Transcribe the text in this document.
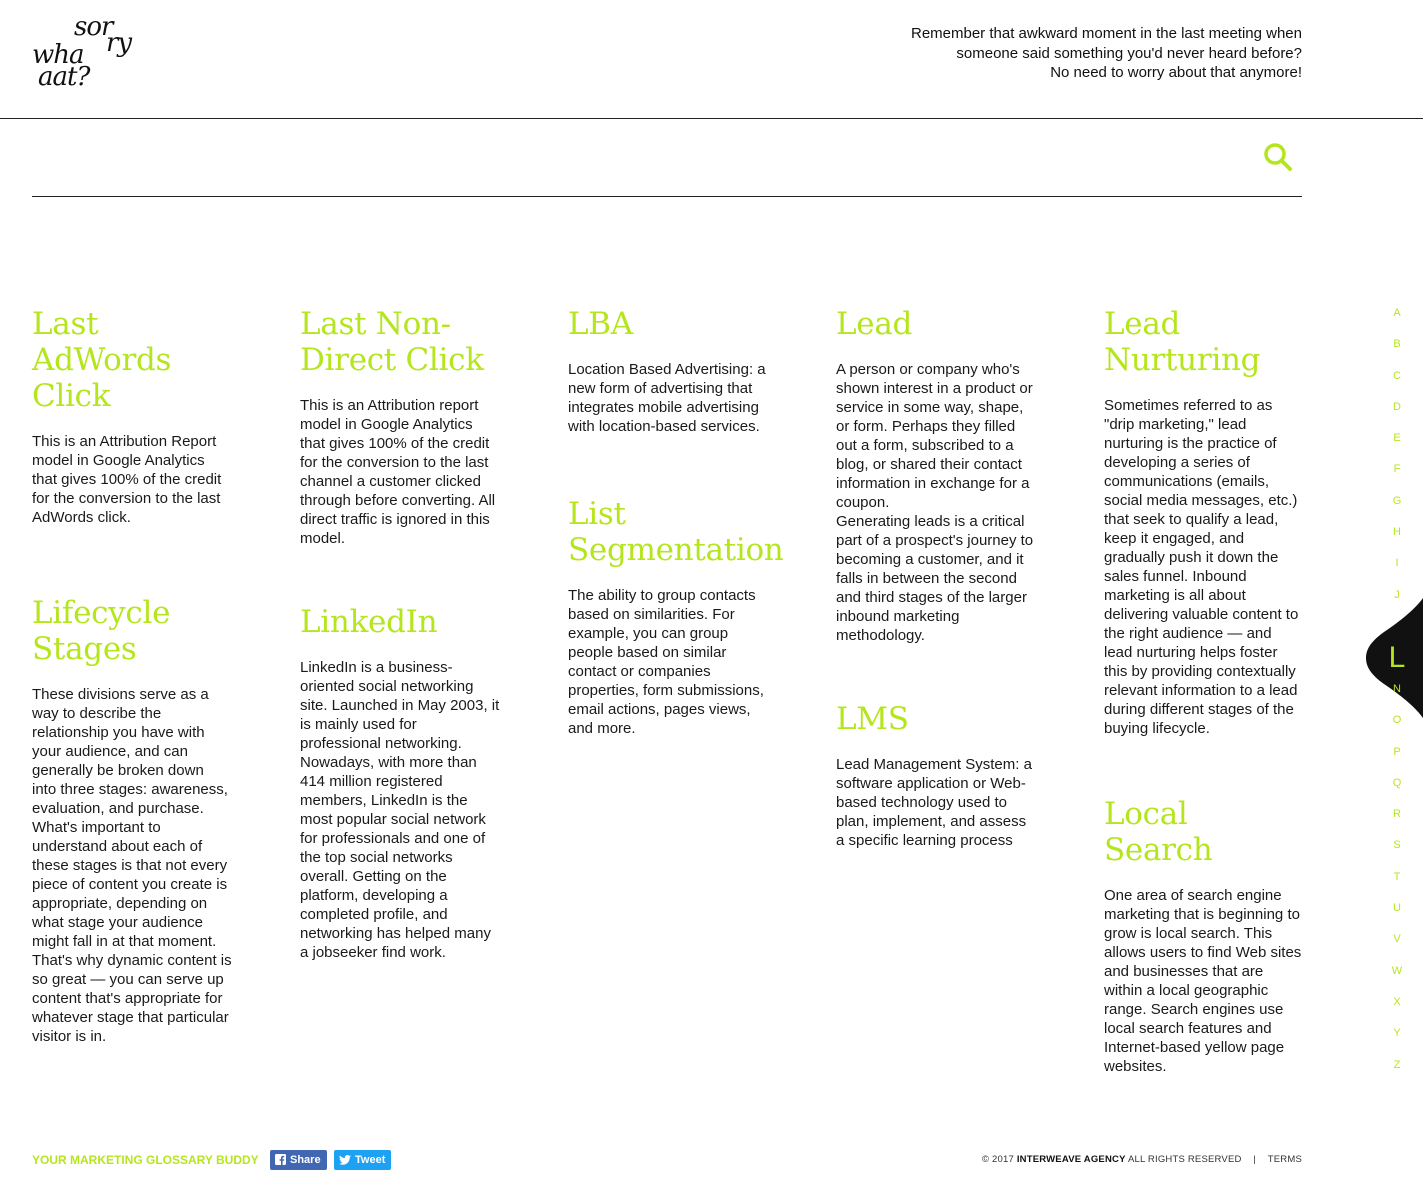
sor
ry
wha
aat?
Remember that awkward moment in the last meeting when
someone said something you'd never heard before?
No need to worry about that anymore!
Last AdWords Click

This is an Attribution Report model in Google Analytics that gives 100% of the credit for the conversion to the last AdWords click.

Lifecycle Stages

These divisions serve as a way to describe the relationship you have with your audience, and can generally be broken down into three stages: awareness, evaluation, and purchase.
What's important to understand about each of these stages is that not every piece of content you create is appropriate, depending on what stage your audience might fall in at that moment. That's why dynamic content is so great — you can serve up content that's appropriate for whatever stage that particular visitor is in.

Last Non-Direct Click

This is an Attribution report model in Google Analytics that gives 100% of the credit for the conversion to the last channel a customer clicked through before converting. All direct traffic is ignored in this model.

LinkedIn

LinkedIn is a business-oriented social networking site. Launched in May 2003, it is mainly used for professional networking. Nowadays, with more than 414 million registered members, LinkedIn is the most popular social network for professionals and one of the top social networks overall. Getting on the platform, developing a completed profile, and networking has helped many a jobseeker find work.

LBA

Location Based Advertising: a new form of advertising that integrates mobile advertising with location-based services.

List Segmentation

The ability to group contacts based on similarities. For example, you can group people based on similar contact or companies properties, form submissions, email actions, pages views, and more.

Lead

A person or company who's shown interest in a product or service in some way, shape, or form. Perhaps they filled out a form, subscribed to a blog, or shared their contact information in exchange for a coupon.
Generating leads is a critical part of a prospect's journey to becoming a customer, and it falls in between the second and third stages of the larger inbound marketing methodology.

LMS

Lead Management System: a software application or Web-based technology used to plan, implement, and assess a specific learning process

Lead Nurturing

Sometimes referred to as "drip marketing," lead nurturing is the practice of developing a series of communications (emails, social media messages, etc.) that seek to qualify a lead, keep it engaged, and gradually push it down the sales funnel. Inbound marketing is all about delivering valuable content to the right audience — and lead nurturing helps foster this by providing contextually relevant information to a lead during different stages of the buying lifecycle.

Local Search

One area of search engine marketing that is beginning to grow is local search. This allows users to find Web sites and businesses that are within a local geographic range. Search engines use local search features and Internet-based yellow page websites.

A
B
C
D
E
F
G
H
I
J
N
O
P
Q
R
S
T
U
V
W
X
Y
Z
L
YOUR MARKETING GLOSSARY BUDDY	Share	Tweet	© 2017 INTERWEAVE AGENCY ALL RIGHTS RESERVED | TERMS
